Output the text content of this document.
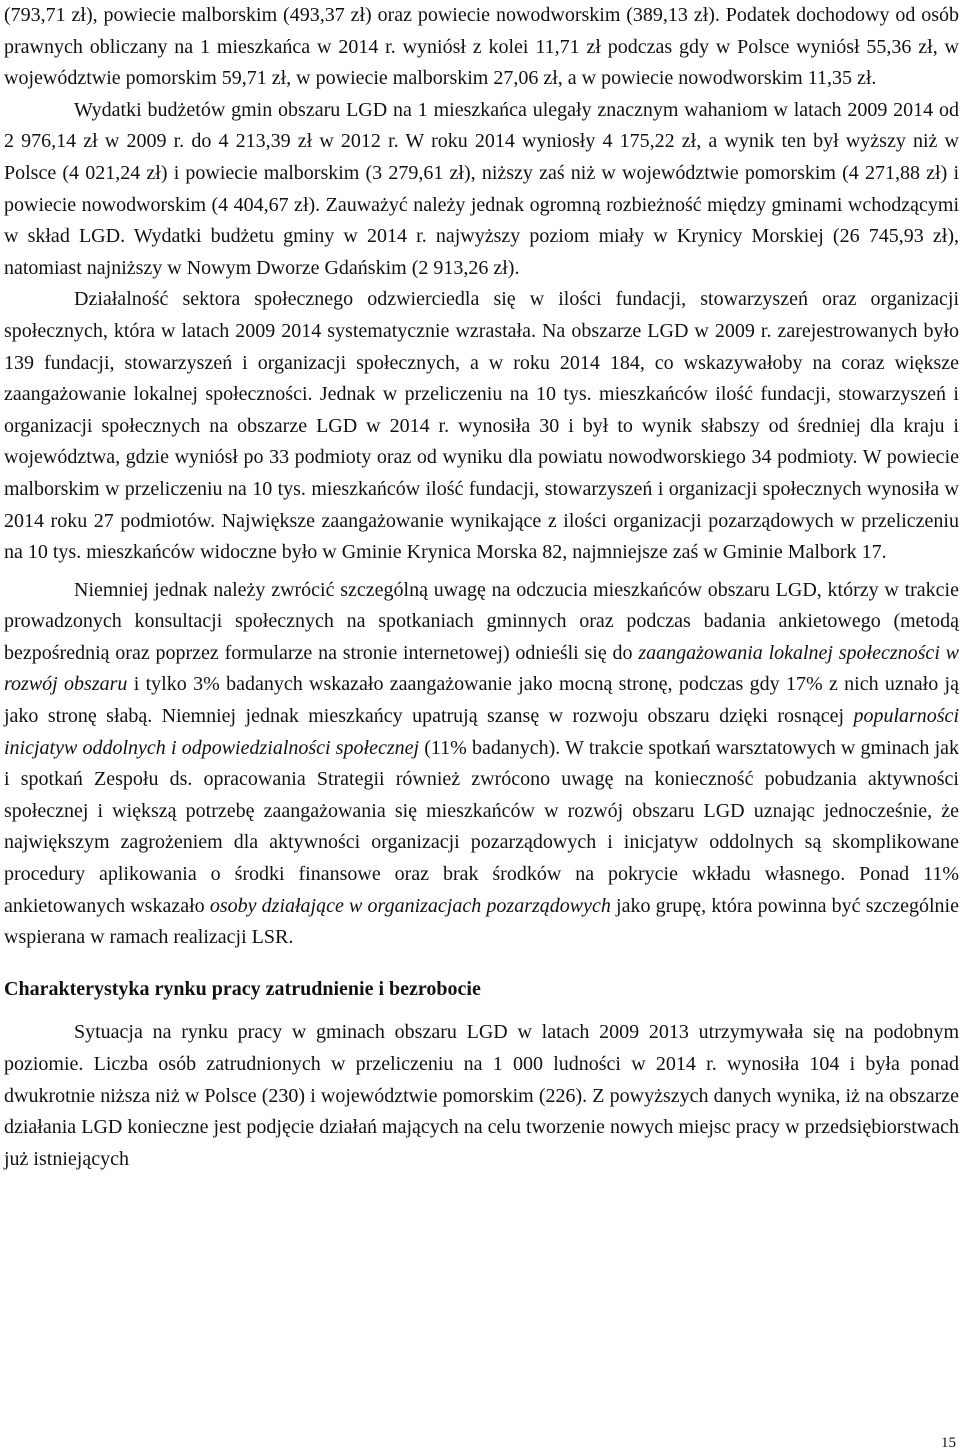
(793,71 zł), powiecie malborskim (493,37 zł) oraz powiecie nowodworskim (389,13 zł). Podatek dochodowy od osób prawnych obliczany na 1 mieszkańca w 2014 r. wyniósł z kolei 11,71 zł podczas gdy w Polsce wyniósł 55,36 zł, w województwie pomorskim 59,71 zł, w powiecie malborskim 27,06 zł, a w powiecie nowodworskim 11,35 zł.

Wydatki budżetów gmin obszaru LGD na 1 mieszkańca ulegały znacznym wahaniom w latach 2009 2014 od 2 976,14 zł w 2009 r. do 4 213,39 zł w 2012 r. W roku 2014 wyniosły 4 175,22 zł, a wynik ten był wyższy niż w Polsce (4 021,24 zł) i powiecie malborskim (3 279,61 zł), niższy zaś niż w województwie pomorskim (4 271,88 zł) i powiecie nowodworskim (4 404,67 zł). Zauważyć należy jednak ogromną rozbieżność między gminami wchodzącymi w skład LGD. Wydatki budżetu gminy w 2014 r. najwyższy poziom miały w Krynicy Morskiej (26 745,93 zł), natomiast najniższy w Nowym Dworze Gdańskim (2 913,26 zł).

Działalność sektora społecznego odzwierciedla się w ilości fundacji, stowarzyszeń oraz organizacji społecznych, która w latach 2009 2014 systematycznie wzrastała. Na obszarze LGD w 2009 r. zarejestrowanych było 139 fundacji, stowarzyszeń i organizacji społecznych, a w roku 2014 184, co wskazywałoby na coraz większe zaangażowanie lokalnej społeczności. Jednak w przeliczeniu na 10 tys. mieszkańców ilość fundacji, stowarzyszeń i organizacji społecznych na obszarze LGD w 2014 r. wynosiła 30 i był to wynik słabszy od średniej dla kraju i województwa, gdzie wyniósł po 33 podmioty oraz od wyniku dla powiatu nowodworskiego 34 podmioty. W powiecie malborskim w przeliczeniu na 10 tys. mieszkańców ilość fundacji, stowarzyszeń i organizacji społecznych wynosiła w 2014 roku 27 podmiotów. Największe zaangażowanie wynikające z ilości organizacji pozarządowych w przeliczeniu na 10 tys. mieszkańców widoczne było w Gminie Krynica Morska 82, najmniejsze zaś w Gminie Malbork 17.

Niemniej jednak należy zwrócić szczególną uwagę na odczucia mieszkańców obszaru LGD, którzy w trakcie prowadzonych konsultacji społecznych na spotkaniach gminnych oraz podczas badania ankietowego (metodą bezpośrednią oraz poprzez formularze na stronie internetowej) odnieśli się do zaangażowania lokalnej społeczności w rozwój obszaru i tylko 3% badanych wskazało zaangażowanie jako mocną stronę, podczas gdy 17% z nich uznało ją jako stronę słabą. Niemniej jednak mieszkańcy upatrują szansę w rozwoju obszaru dzięki rosnącej popularności inicjatyw oddolnych i odpowiedzialności społecznej (11% badanych). W trakcie spotkań warsztatowych w gminach jak i spotkań Zespołu ds. opracowania Strategii również zwrócono uwagę na konieczność pobudzania aktywności społecznej i większą potrzebę zaangażowania się mieszkańców w rozwój obszaru LGD uznając jednocześnie, że największym zagrożeniem dla aktywności organizacji pozarządowych i inicjatyw oddolnych są skomplikowane procedury aplikowania o środki finansowe oraz brak środków na pokrycie wkładu własnego. Ponad 11% ankietowanych wskazało osoby działające w organizacjach pozarządowych jako grupę, która powinna być szczególnie wspierana w ramach realizacji LSR.

Charakterystyka rynku pracy zatrudnienie i bezrobocie

Sytuacja na rynku pracy w gminach obszaru LGD w latach 2009 2013 utrzymywała się na podobnym poziomie. Liczba osób zatrudnionych w przeliczeniu na 1 000 ludności w 2014 r. wynosiła 104 i była ponad dwukrotnie niższa niż w Polsce (230) i województwie pomorskim (226). Z powyższych danych wynika, iż na obszarze działania LGD konieczne jest podjęcie działań mających na celu tworzenie nowych miejsc pracy w przedsiębiorstwach już istniejących

15
